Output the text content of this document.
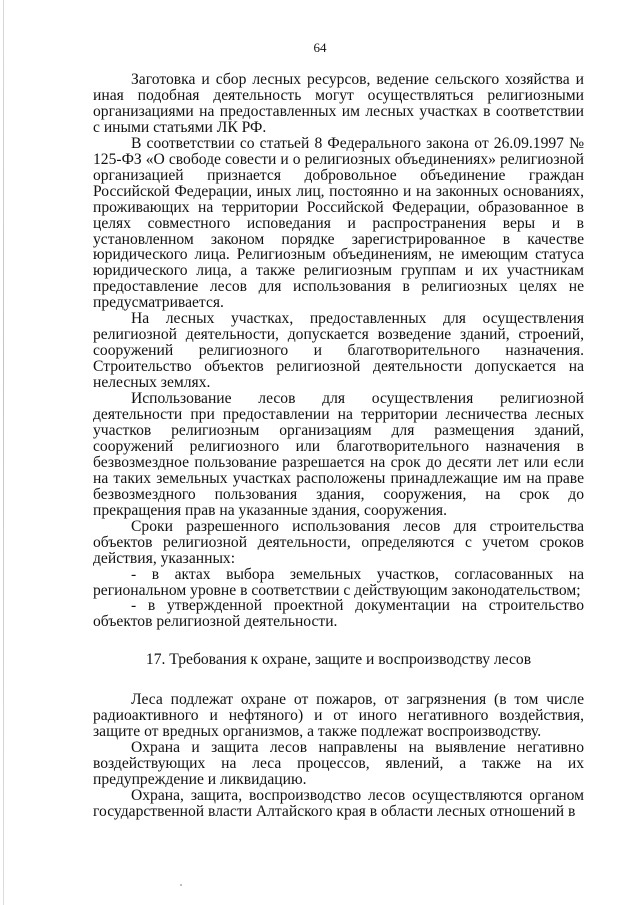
64

Заготовка и сбор лесных ресурсов, ведение сельского хозяйства и иная подобная деятельность могут осуществляться религиозными организациями на предоставленных им лесных участках в соответствии с иными статьями ЛК РФ.

В соответствии со статьей 8 Федерального закона от 26.09.1997 № 125-ФЗ «О свободе совести и о религиозных объединениях» религиозной организацией признается добровольное объединение граждан Российской Федерации, иных лиц, постоянно и на законных основаниях, проживающих на территории Российской Федерации, образованное в целях совместного исповедания и распространения веры и в установленном законом порядке зарегистрированное в качестве юридического лица. Религиозным объединениям, не имеющим статуса юридического лица, а также религиозным группам и их участникам предоставление лесов для использования в религиозных целях не предусматривается.

На лесных участках, предоставленных для осуществления религиозной деятельности, допускается возведение зданий, строений, сооружений религиозного и благотворительного назначения. Строительство объектов религиозной деятельности допускается на нелесных землях.

Использование лесов для осуществления религиозной деятельности при предоставлении на территории лесничества лесных участков религиозным организациям для размещения зданий, сооружений религиозного или благотворительного назначения в безвозмездное пользование разрешается на срок до десяти лет или если на таких земельных участках расположены принадлежащие им на праве безвозмездного пользования здания, сооружения, на срок до прекращения прав на указанные здания, сооружения.

Сроки разрешенного использования лесов для строительства объектов религиозной деятельности, определяются с учетом сроков действия, указанных:

- в актах выбора земельных участков, согласованных на региональном уровне в соответствии с действующим законодательством;

- в утвержденной проектной документации на строительство объектов религиозной деятельности.

17. Требования к охране, защите и воспроизводству лесов

Леса подлежат охране от пожаров, от загрязнения (в том числе радиоактивного и нефтяного) и от иного негативного воздействия, защите от вредных организмов, а также подлежат воспроизводству.

Охрана и защита лесов направлены на выявление негативно воздействующих на леса процессов, явлений, а также на их предупреждение и ликвидацию.

Охрана, защита, воспроизводство лесов осуществляются органом государственной власти Алтайского края в области лесных отношений в
